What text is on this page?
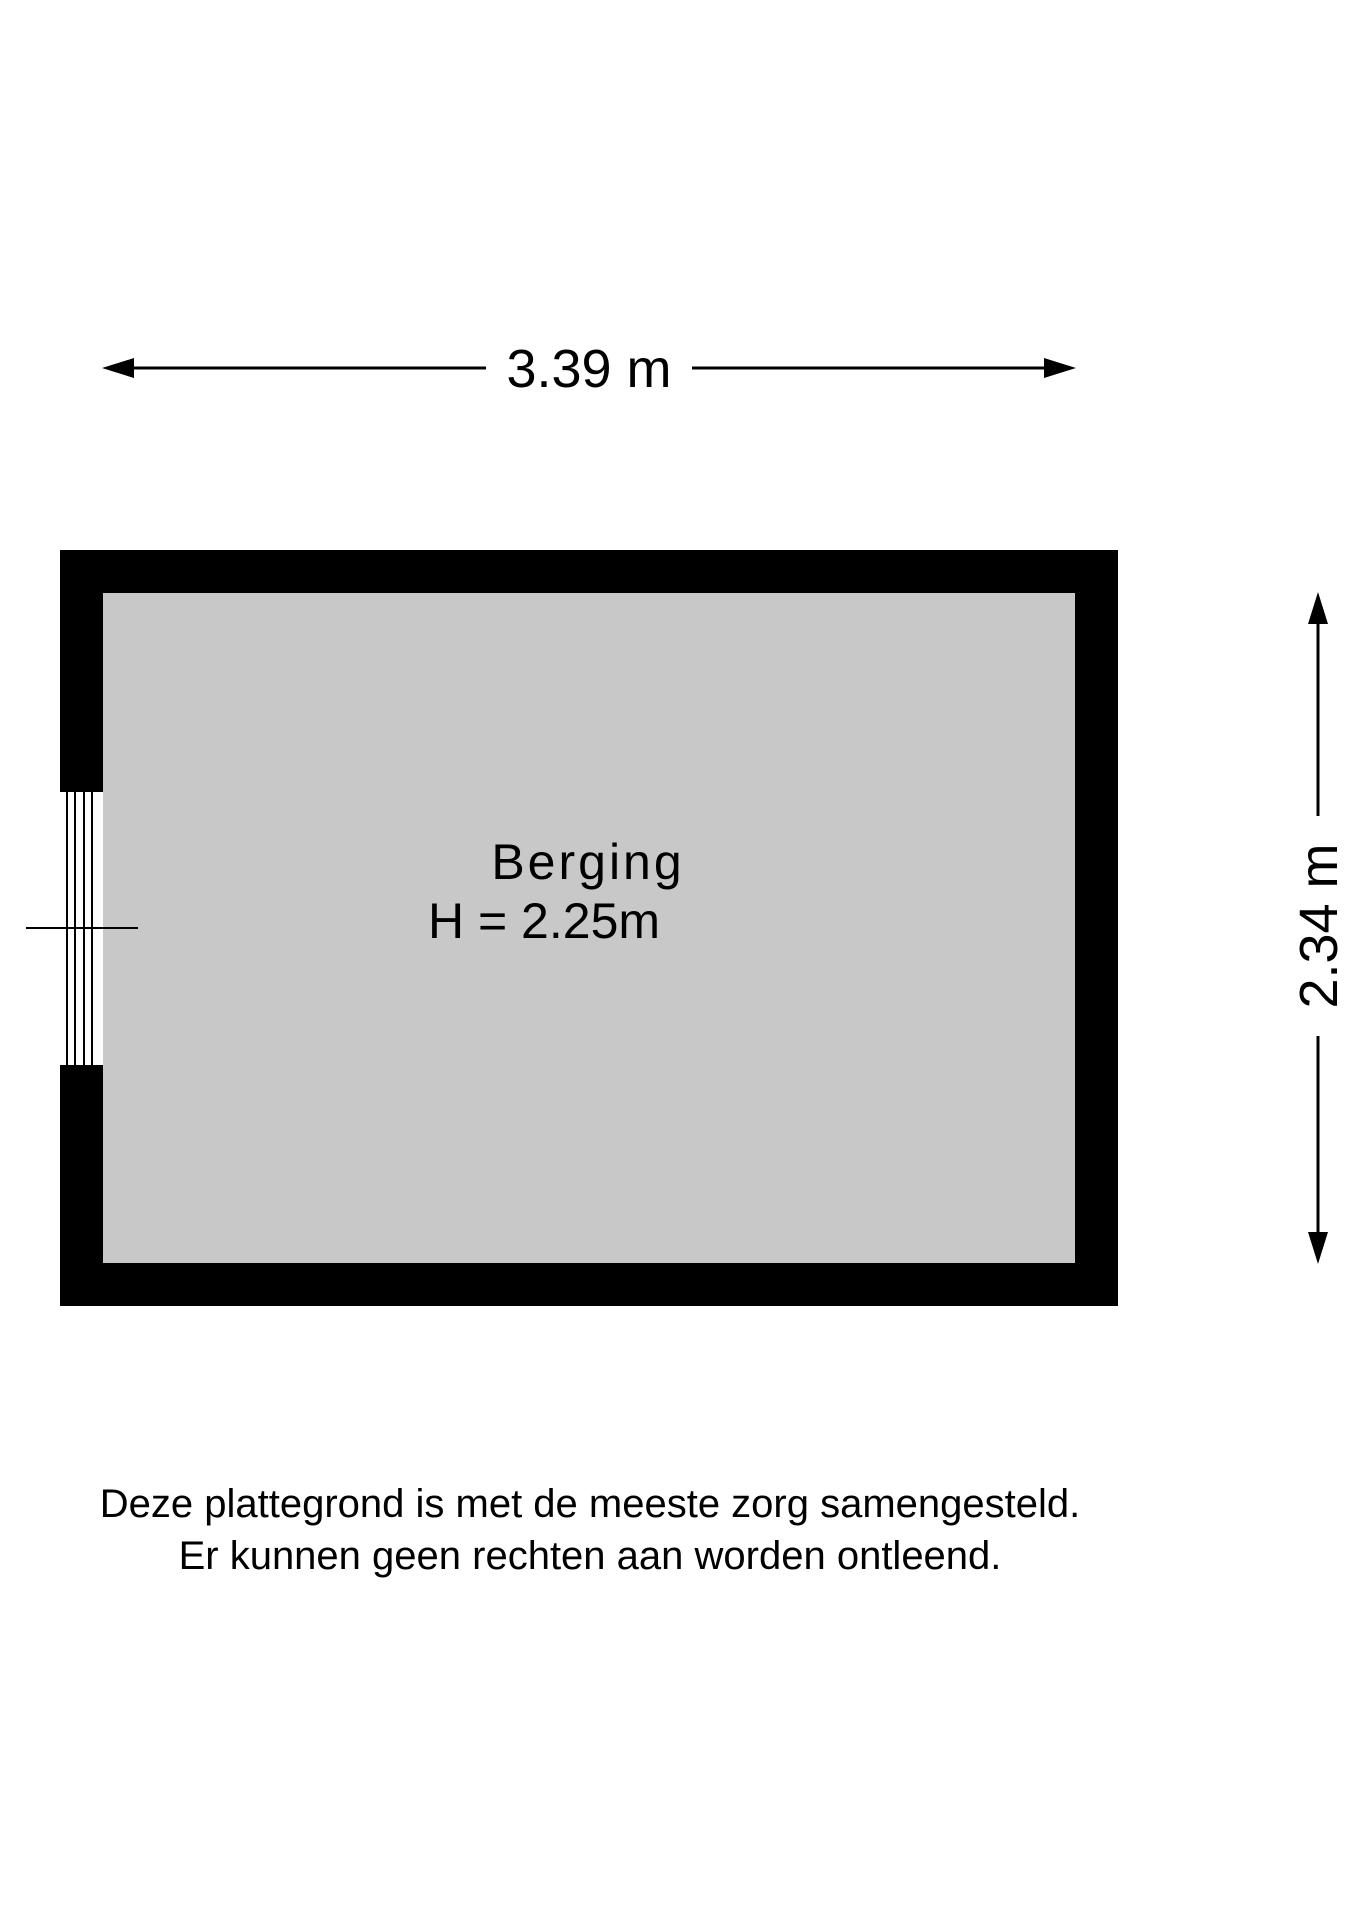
3.39 m
Berging
H = 2.25m	2.34 m
Deze plattegrond is met de meeste zorg samengesteld.
Er kunnen geen rechten aan worden ontleend.
